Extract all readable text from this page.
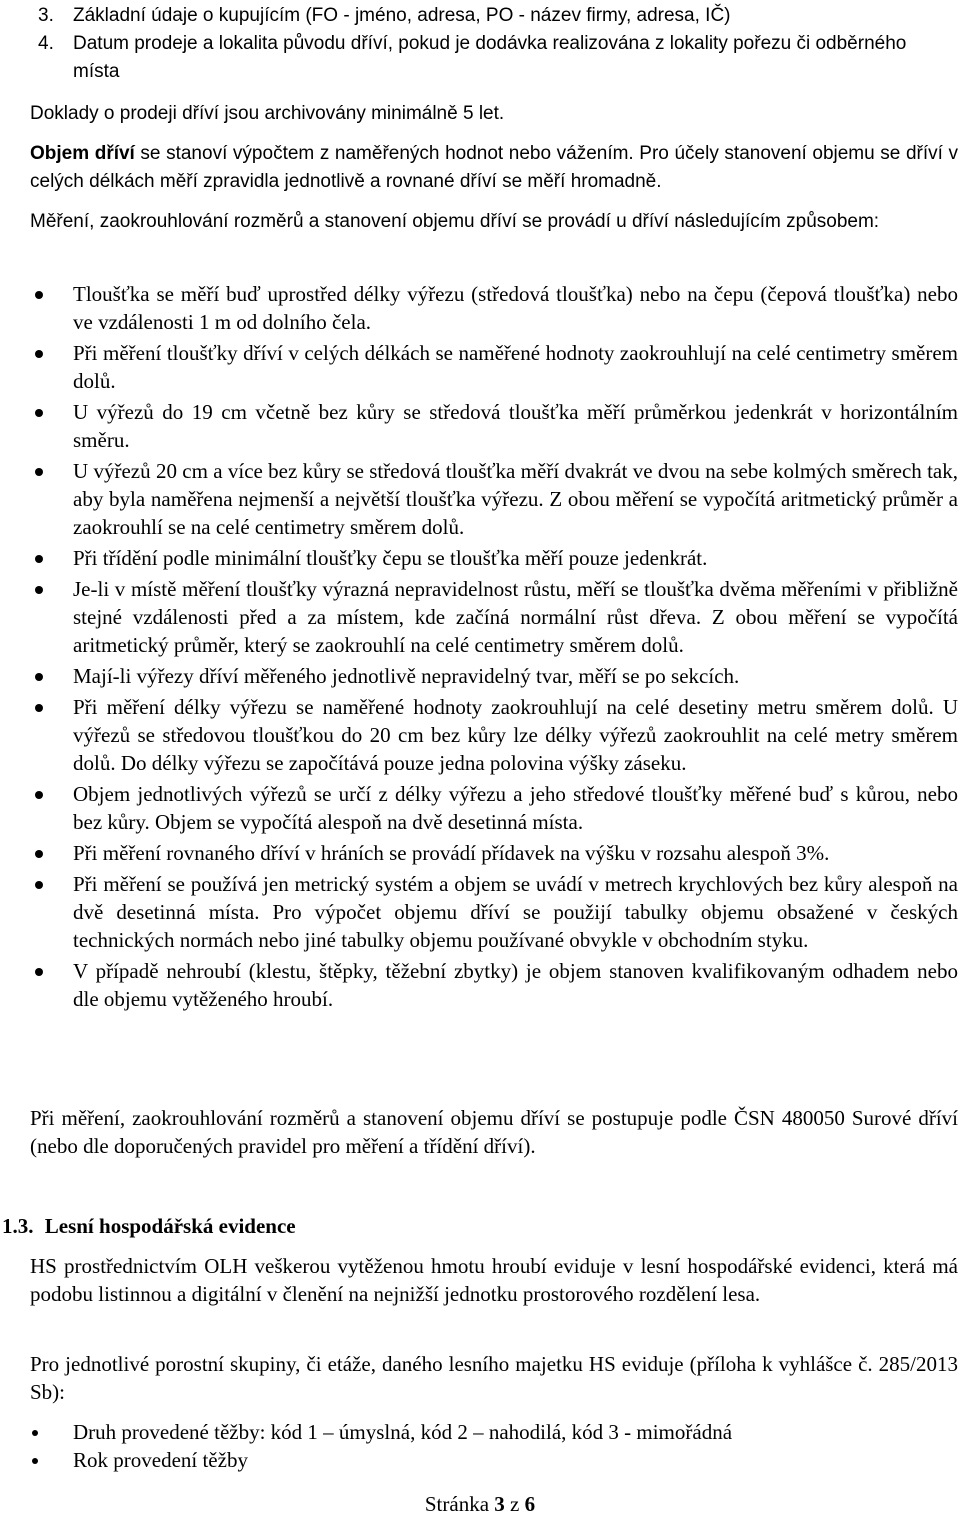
3. Základní údaje o kupujícím (FO - jméno, adresa, PO - název firmy, adresa, IČ)
4. Datum prodeje a lokalita původu dříví, pokud je dodávka realizována z lokality pořezu či odběrného místa

Doklady o prodeji dříví jsou archivovány minimálně 5 let.

Objem dříví se stanoví výpočtem z naměřených hodnot nebo vážením. Pro účely stanovení objemu se dříví v celých délkách měří zpravidla jednotlivě a rovnané dříví se měří hromadně.

Měření, zaokrouhlování rozměrů a stanovení objemu dříví se provádí u dříví následujícím způsobem:

Tloušťka se měří buď uprostřed délky výřezu (středová tloušťka) nebo na čepu (čepová tloušťka) nebo ve vzdálenosti 1 m od dolního čela.
Při měření tloušťky dříví v celých délkách se naměřené hodnoty zaokrouhlují na celé centimetry směrem dolů.
U výřezů do 19 cm včetně bez kůry se středová tloušťka měří průměrkou jedenkrát v horizontálním směru.
U výřezů 20 cm a více bez kůry se středová tloušťka měří dvakrát ve dvou na sebe kolmých směrech tak, aby byla naměřena nejmenší a největší tloušťka výřezu. Z obou měření se vypočítá aritmetický průměr a zaokrouhlí se na celé centimetry směrem dolů.
Při třídění podle minimální tloušťky čepu se tloušťka měří pouze jedenkrát.
Je-li v místě měření tloušťky výrazná nepravidelnost růstu, měří se tloušťka dvěma měřeními v přibližně stejné vzdálenosti před a za místem, kde začíná normální růst dřeva. Z obou měření se vypočítá aritmetický průměr, který se zaokrouhlí na celé centimetry směrem dolů.
Mají-li výřezy dříví měřeného jednotlivě nepravidelný tvar, měří se po sekcích.
Při měření délky výřezu se naměřené hodnoty zaokrouhlují na celé desetiny metru směrem dolů. U výřezů se středovou tloušťkou do 20 cm bez kůry lze délky výřezů zaokrouhlit na celé metry směrem dolů. Do délky výřezu se započítává pouze jedna polovina výšky záseku.
Objem jednotlivých výřezů se určí z délky výřezu a jeho středové tloušťky měřené buď s kůrou, nebo bez kůry. Objem se vypočítá alespoň na dvě desetinná místa.
Při měření rovnaného dříví v hráních se provádí přídavek na výšku v rozsahu alespoň 3%.
Při měření se používá jen metrický systém a objem se uvádí v metrech krychlových bez kůry alespoň na dvě desetinná místa. Pro výpočet objemu dříví se použijí tabulky objemu obsažené v českých technických normách nebo jiné tabulky objemu používané obvykle v obchodním styku.
V případě nehroubí (klestu, štěpky, těžební zbytky) je objem stanoven kvalifikovaným odhadem nebo dle objemu vytěženého hroubí.

Při měření, zaokrouhlování rozměrů a stanovení objemu dříví se postupuje podle ČSN 480050 Surové dříví (nebo dle doporučených pravidel pro měření a třídění dříví).

1.3. Lesní hospodářská evidence

HS prostřednictvím OLH veškerou vytěženou hmotu hroubí eviduje v lesní hospodářské evidenci, která má podobu listinnou a digitální v členění na nejnižší jednotku prostorového rozdělení lesa.

Pro jednotlivé porostní skupiny, či etáže, daného lesního majetku HS eviduje (příloha k vyhlášce č. 285/2013 Sb):

Druh provedené těžby: kód 1 – úmyslná, kód 2 – nahodilá, kód 3 - mimořádná
Rok provedení těžby
Stránka 3 z 6
